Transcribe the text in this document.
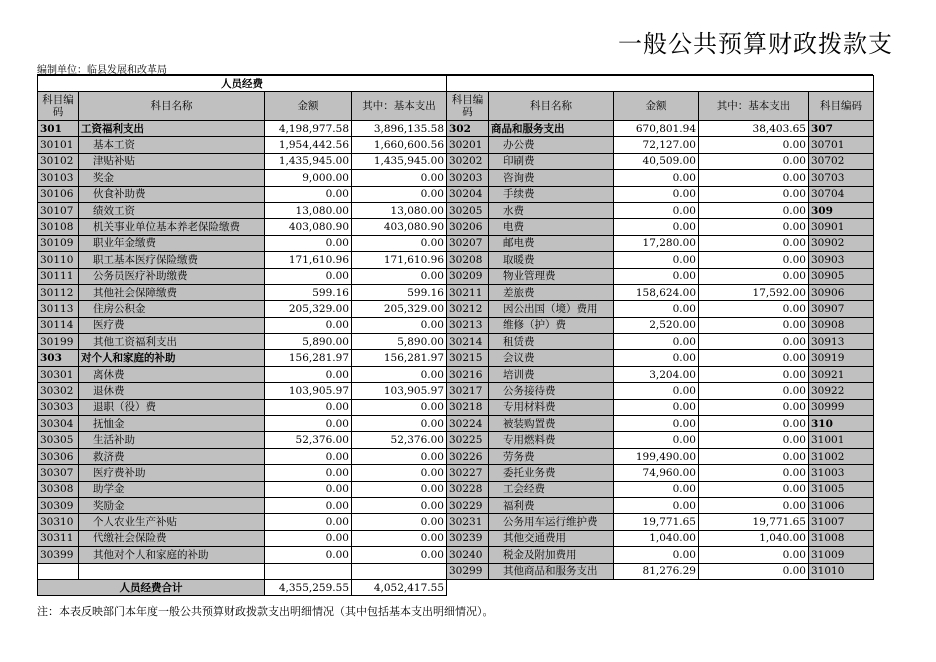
一般公共预算财政拨款支
编制单位：临县发展和改革局
人员经费								
科目编码	科目名称	金额	其中：基本支出	科目编码	科目名称	金额	其中：基本支出	科目编码
301	工资福利支出	4,198,977.58	3,896,135.58	302	商品和服务支出	670,801.94	38,403.65	307
30101	基本工资	1,954,442.56	1,660,600.56	30201	办公费	72,127.00	0.00	30701
30102	津贴补贴	1,435,945.00	1,435,945.00	30202	印刷费	40,509.00	0.00	30702
30103	奖金	9,000.00	0.00	30203	咨询费	0.00	0.00	30703
30106	伙食补助费	0.00	0.00	30204	手续费	0.00	0.00	30704
30107	绩效工资	13,080.00	13,080.00	30205	水费	0.00	0.00	309
30108	机关事业单位基本养老保险缴费	403,080.90	403,080.90	30206	电费	0.00	0.00	30901
30109	职业年金缴费	0.00	0.00	30207	邮电费	17,280.00	0.00	30902
30110	职工基本医疗保险缴费	171,610.96	171,610.96	30208	取暖费	0.00	0.00	30903
30111	公务员医疗补助缴费	0.00	0.00	30209	物业管理费	0.00	0.00	30905
30112	其他社会保障缴费	599.16	599.16	30211	差旅费	158,624.00	17,592.00	30906
30113	住房公积金	205,329.00	205,329.00	30212	因公出国（境）费用	0.00	0.00	30907
30114	医疗费	0.00	0.00	30213	维修（护）费	2,520.00	0.00	30908
30199	其他工资福利支出	5,890.00	5,890.00	30214	租赁费	0.00	0.00	30913
303	对个人和家庭的补助	156,281.97	156,281.97	30215	会议费	0.00	0.00	30919
30301	离休费	0.00	0.00	30216	培训费	3,204.00	0.00	30921
30302	退休费	103,905.97	103,905.97	30217	公务接待费	0.00	0.00	30922
30303	退职（役）费	0.00	0.00	30218	专用材料费	0.00	0.00	30999
30304	抚恤金	0.00	0.00	30224	被装购置费	0.00	0.00	310
30305	生活补助	52,376.00	52,376.00	30225	专用燃料费	0.00	0.00	31001
30306	救济费	0.00	0.00	30226	劳务费	199,490.00	0.00	31002
30307	医疗费补助	0.00	0.00	30227	委托业务费	74,960.00	0.00	31003
30308	助学金	0.00	0.00	30228	工会经费	0.00	0.00	31005
30309	奖励金	0.00	0.00	30229	福利费	0.00	0.00	31006
30310	个人农业生产补贴	0.00	0.00	30231	公务用车运行维护费	19,771.65	19,771.65	31007
30311	代缴社会保险费	0.00	0.00	30239	其他交通费用	1,040.00	1,040.00	31008
30399	其他对个人和家庭的补助	0.00	0.00	30240	税金及附加费用	0.00	0.00	31009
				30299	其他商品和服务支出	81,276.29	0.00	31010
人员经费合计		4,355,259.55	4,052,417.55					
注：本表反映部门本年度一般公共预算财政拨款支出明细情况（其中包括基本支出明细情况）。
